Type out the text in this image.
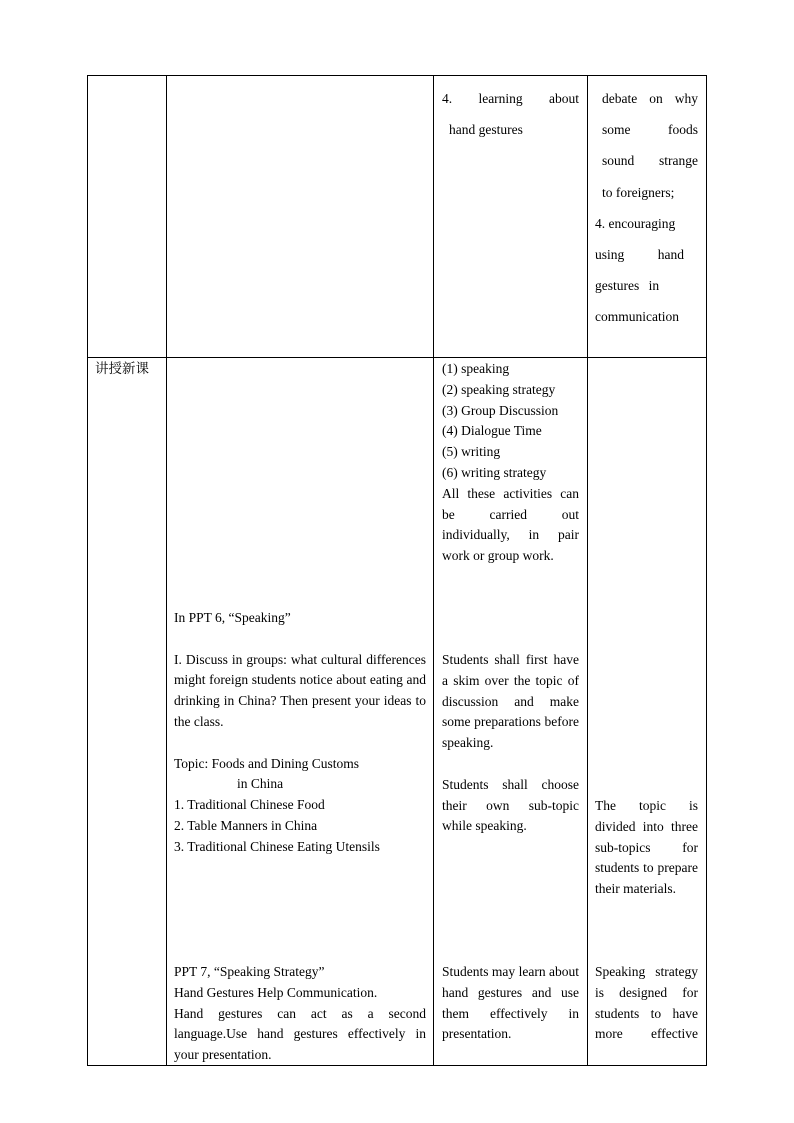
4. learning about
hand gestures
debate on why
some foods
sound strange
to foreigners;
4. encouraging
using hand
gestures in
communication
讲授新课	(1) speaking
(2) speaking strategy
(3) Group Discussion
(4) Dialogue Time
(5) writing
(6) writing strategy
All these activities can be carried out individually, in pair work or group work.
In PPT 6, “Speaking”
I. Discuss in groups: what cultural differences might foreign students notice about eating and drinking in China? Then present your ideas to the class.
Topic: Foods and Dining Customs
in China
1. Traditional Chinese Food
2. Table Manners in China
3. Traditional Chinese Eating Utensils
Students shall first have a skim over the topic of discussion and make some preparations before speaking.
Students shall choose their own sub-topic while speaking.
The topic is divided into three sub-topics for students to prepare their materials.
PPT 7, “Speaking Strategy”
Hand Gestures Help Communication.
Hand gestures can act as a second language.Use hand gestures effectively in your presentation.
Students may learn about hand gestures and use them effectively in presentation.
Speaking strategy is designed for students to have more effective
